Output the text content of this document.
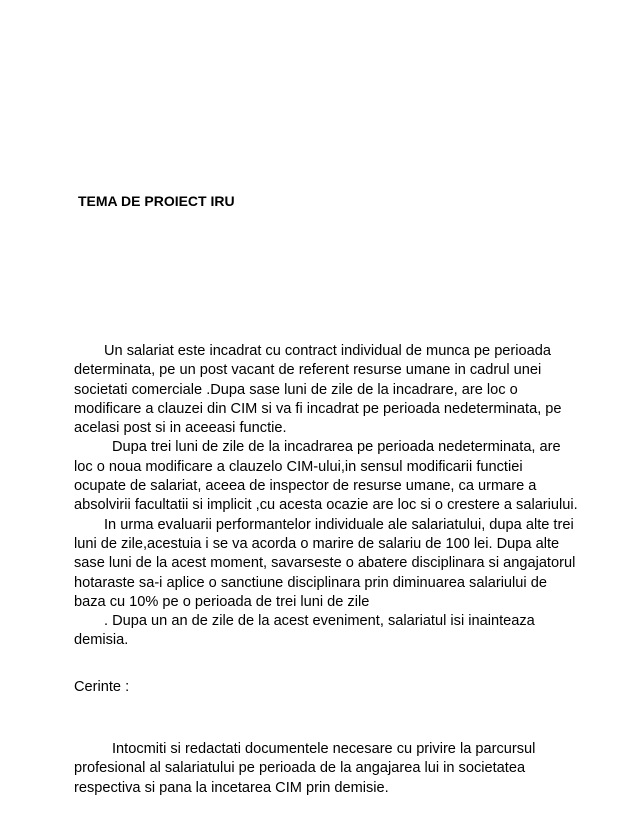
TEMA DE PROIECT IRU

Un salariat este incadrat cu contract individual de munca pe perioada determinata, pe un post vacant de referent resurse umane in cadrul unei societati comerciale .Dupa sase luni de zile de la incadrare, are loc o modificare a clauzei din CIM si va fi incadrat pe perioada nedeterminata, pe acelasi post si in aceeasi functie.

Dupa trei luni de zile de la incadrarea pe perioada nedeterminata, are loc o noua modificare a clauzelo CIM-ului,in sensul modificarii functiei ocupate de salariat, aceea de inspector de resurse umane, ca urmare a absolvirii facultatii si implicit ,cu acesta ocazie are loc si o crestere a salariului.

In urma evaluarii performantelor individuale ale salariatului, dupa alte trei luni de zile,acestuia i se va acorda o marire de salariu de 100 lei. Dupa alte sase luni de la acest moment, savarseste o abatere disciplinara si angajatorul hotaraste sa-i aplice o sanctiune disciplinara prin diminuarea salariului de baza cu 10% pe o perioada de trei luni de zile

. Dupa un an de zile de la acest eveniment, salariatul isi inainteaza demisia.

Cerinte :

Intocmiti si redactati documentele necesare cu privire la parcursul profesional al salariatului pe perioada de la angajarea lui in societatea respectiva si pana la incetarea CIM prin demisie.
